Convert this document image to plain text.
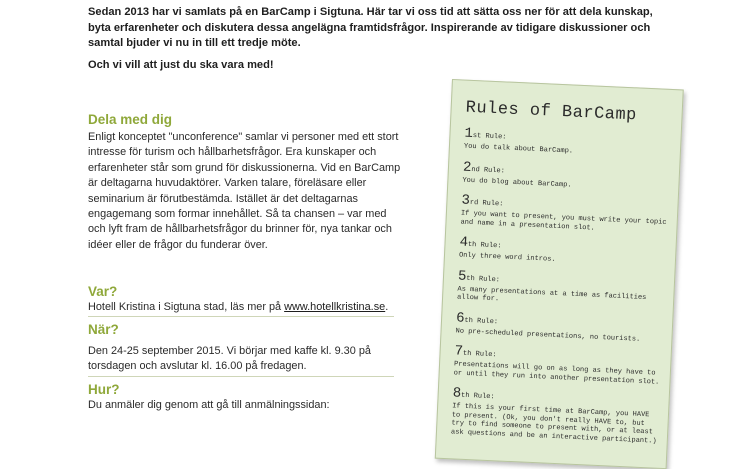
Sedan 2013 har vi samlats på en BarCamp i Sigtuna. Här tar vi oss tid att sätta oss ner för att dela kunskap, byta erfarenheter och diskutera dessa angelägna framtidsfrågor. Inspirerande av tidigare diskussioner och samtal bjuder vi nu in till ett tredje möte.

Och vi vill att just du ska vara med!

Dela med dig
Enligt konceptet "unconference" samlar vi personer med ett stort intresse för turism och hållbarhetsfrågor. Era kunskaper och erfarenheter står som grund för diskussionerna. Vid en BarCamp är deltagarna huvudaktörer. Varken talare, föreläsare eller seminarium är förutbestämda. Istället är det deltagarnas engagemang som formar innehållet. Så ta chansen – var med och lyft fram de hållbarhetsfrågor du brinner för, nya tankar och idéer eller de frågor du funderar över.
Var?
Hotell Kristina i Sigtuna stad, läs mer på www.hotellkristina.se.
När?
Den 24-25 september 2015. Vi börjar med kaffe kl. 9.30 på torsdagen och avslutar kl. 16.00 på fredagen.
Hur?
Du anmäler dig genom att gå till anmälningssidan:
Rules of BarCamp
1st Rule:
You do talk about BarCamp.
2nd Rule:
You do blog about BarCamp.
3rd Rule:
If you want to present, you must write your topic and name in a presentation slot.
4th Rule:
Only three word intros.
5th Rule:
As many presentations at a time as facilities allow for.
6th Rule:
No pre-scheduled presentations, no tourists.
7th Rule:
Presentations will go on as long as they have to or until they run into another presentation slot.
8th Rule:
If this is your first time at BarCamp, you HAVE to present. (Ok, you don't really HAVE to, but try to find someone to present with, or at least ask questions and be an interactive participant.)
